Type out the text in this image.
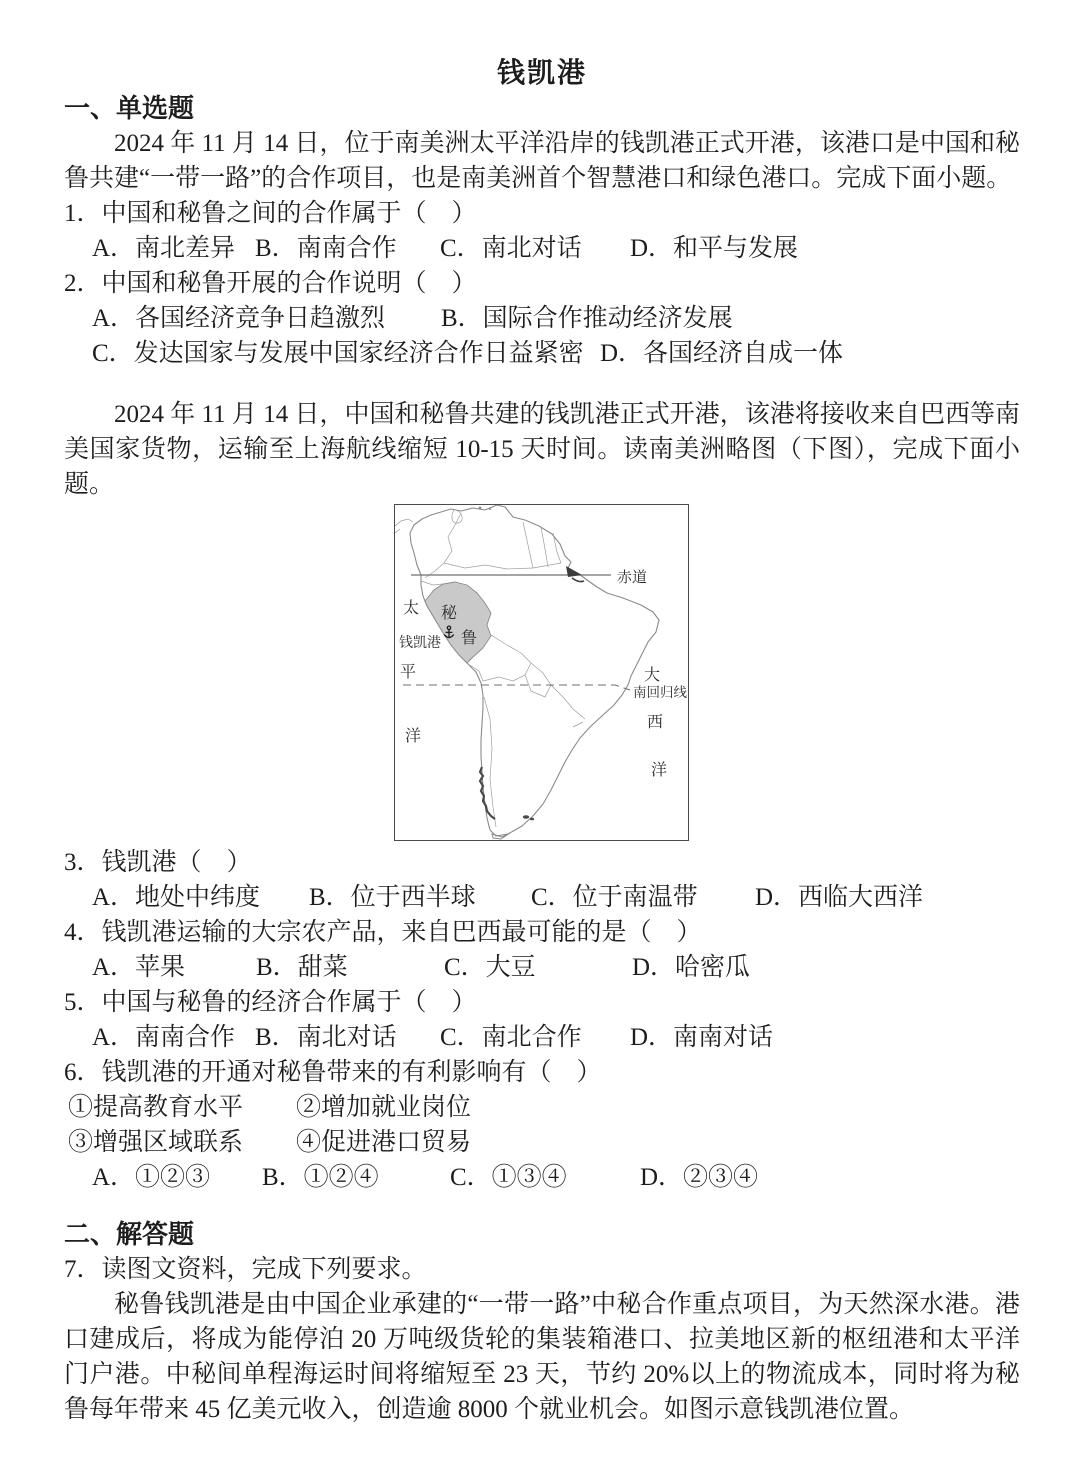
钱凯港
一、单选题

2024 年 11 月 14 日，位于南美洲太平洋沿岸的钱凯港正式开港，该港口是中国和秘鲁共建“一带一路”的合作项目，也是南美洲首个智慧港口和绿色港口。完成下面小题。

1．中国和秘鲁之间的合作属于（　）
A．南北差异 B．南南合作	C．南北对话	D．和平与发展
2．中国和秘鲁开展的合作说明（　）
A．各国经济竞争日趋激烈	B．国际合作推动经济发展
C．发达国家与发展中国家经济合作日益紧密 D．各国经济自成一体

2024 年 11 月 14 日，中国和秘鲁共建的钱凯港正式开港，该港将接收来自巴西等南美国家货物，运输至上海航线缩短 10-15 天时间。读南美洲略图（下图），完成下面小题。

赤道
南回归线
秘
鲁
钱凯港
太
平
洋
大
西
洋
3．钱凯港（　）
A．地处中纬度	B．位于西半球	C．位于南温带	D．西临大西洋
4．钱凯港运输的大宗农产品，来自巴西最可能的是（　）
A．苹果	B．甜菜	C．大豆	D．哈密瓜
5．中国与秘鲁的经济合作属于（　）
A．南南合作 B．南北对话	C．南北合作	D．南南对话
6．钱凯港的开通对秘鲁带来的有利影响有（　）
①提高教育水平	②增加就业岗位
③增强区域联系	④促进港口贸易
A．①②③	B．①②④	C．①③④	D．②③④
二、解答题
7．读图文资料，完成下列要求。

秘鲁钱凯港是由中国企业承建的“一带一路”中秘合作重点项目，为天然深水港。港口建成后，将成为能停泊 20 万吨级货轮的集装箱港口、拉美地区新的枢纽港和太平洋门户港。中秘间单程海运时间将缩短至 23 天，节约 20%以上的物流成本，同时将为秘鲁每年带来 45 亿美元收入，创造逾 8000 个就业机会。如图示意钱凯港位置。
